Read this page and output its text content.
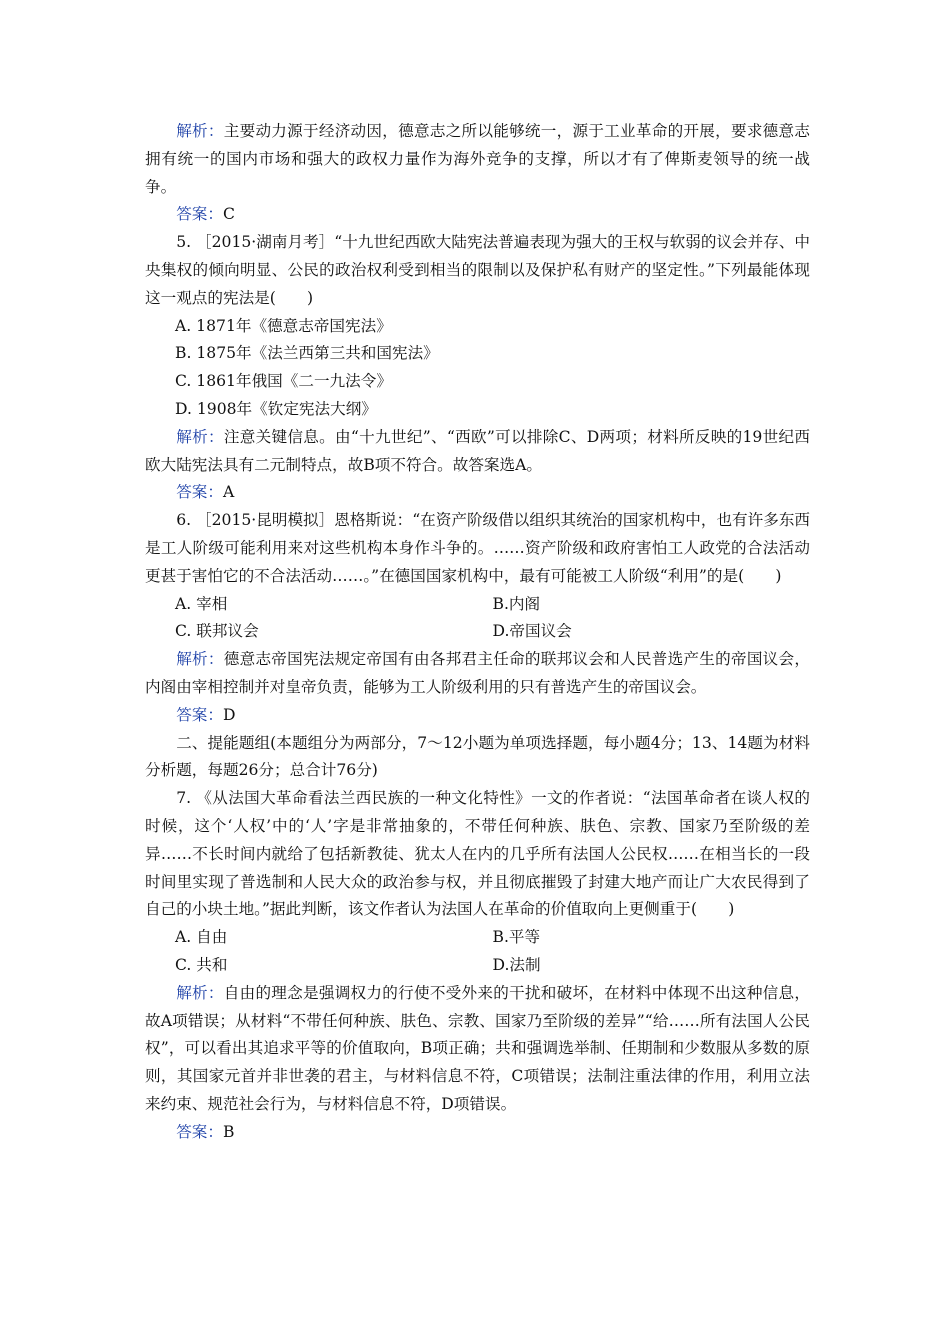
解析：主要动力源于经济动因，德意志之所以能够统一，源于工业革命的开展，要求德意志拥有统一的国内市场和强大的政权力量作为海外竞争的支撑，所以才有了俾斯麦领导的统一战争。

答案：C

5. ［2015·湖南月考］“十九世纪西欧大陆宪法普遍表现为强大的王权与软弱的议会并存、中央集权的倾向明显、公民的政治权利受到相当的限制以及保护私有财产的坚定性。”下列最能体现这一观点的宪法是(　　)

A. 1871年《德意志帝国宪法》
B. 1875年《法兰西第三共和国宪法》
C. 1861年俄国《二一九法令》
D. 1908年《钦定宪法大纲》

解析：注意关键信息。由“十九世纪”、“西欧”可以排除C、D两项；材料所反映的19世纪西欧大陆宪法具有二元制特点，故B项不符合。故答案选A。

答案：A

6. ［2015·昆明模拟］恩格斯说：“在资产阶级借以组织其统治的国家机构中，也有许多东西是工人阶级可能利用来对这些机构本身作斗争的。……资产阶级和政府害怕工人政党的合法活动更甚于害怕它的不合法活动……。”在德国国家机构中，最有可能被工人阶级“利用”的是(　　)

A. 宰相	B.内阁
C. 联邦议会	D.帝国议会

解析：德意志帝国宪法规定帝国有由各邦君主任命的联邦议会和人民普选产生的帝国议会，内阁由宰相控制并对皇帝负责，能够为工人阶级利用的只有普选产生的帝国议会。

答案：D

二、提能题组(本题组分为两部分，7～12小题为单项选择题，每小题4分；13、14题为材料分析题，每题26分；总合计76分)

7. 《从法国大革命看法兰西民族的一种文化特性》一文的作者说：“法国革命者在谈人权的时候，这个‘人权’中的‘人’字是非常抽象的，不带任何种族、肤色、宗教、国家乃至阶级的差异……不长时间内就给了包括新教徒、犹太人在内的几乎所有法国人公民权……在相当长的一段时间里实现了普选制和人民大众的政治参与权，并且彻底摧毁了封建大地产而让广大农民得到了自己的小块土地。”据此判断，该文作者认为法国人在革命的价值取向上更侧重于(　　)

A. 自由	B.平等
C. 共和	D.法制

解析：自由的理念是强调权力的行使不受外来的干扰和破坏，在材料中体现不出这种信息，故A项错误；从材料“不带任何种族、肤色、宗教、国家乃至阶级的差异”“给……所有法国人公民权”，可以看出其追求平等的价值取向，B项正确；共和强调选举制、任期制和少数服从多数的原则，其国家元首并非世袭的君主，与材料信息不符，C项错误；法制注重法律的作用，利用立法来约束、规范社会行为，与材料信息不符，D项错误。

答案：B
